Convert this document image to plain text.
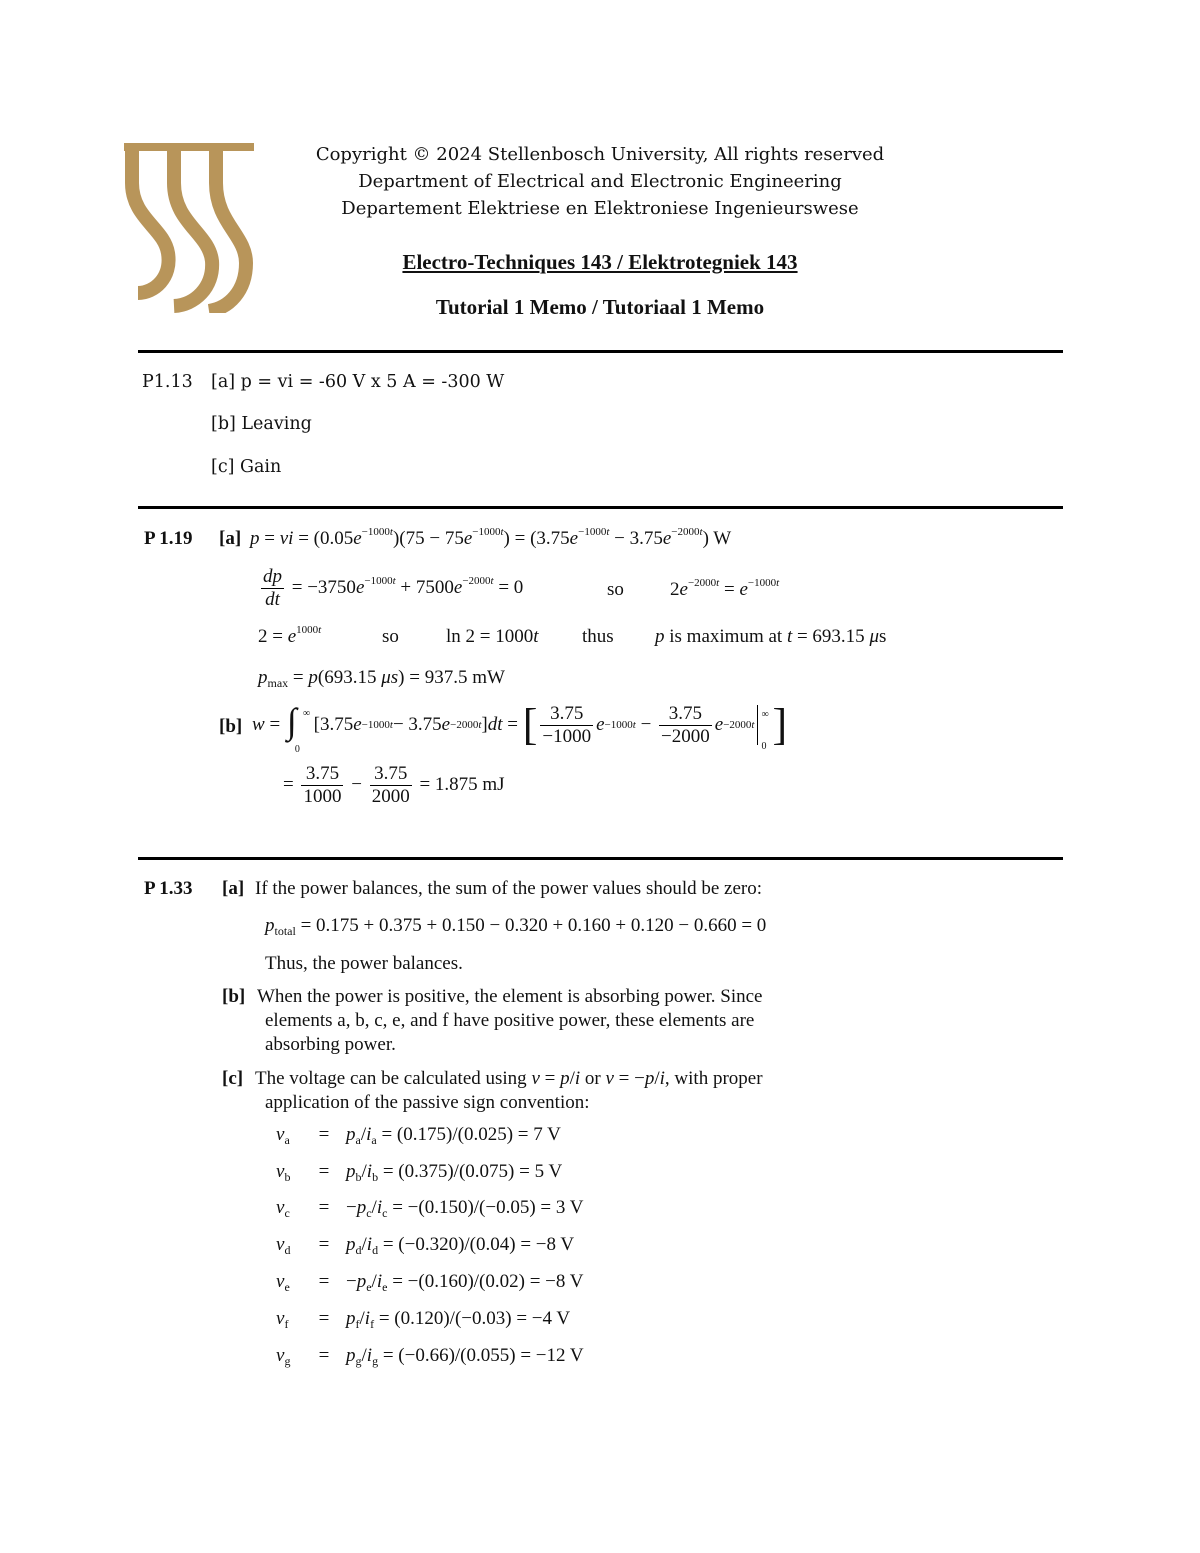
Copyright © 2024 Stellenbosch University, All rights reserved
Department of Electrical and Electronic Engineering
Departement Elektriese en Elektroniese Ingenieurswese
Electro-Techniques 143 / Elektrotegniek 143
Tutorial 1 Memo / Tutoriaal 1 Memo
P1.13 [a] p = vi = -60 V x 5 A = -300 W
[b] Leaving
[c] Gain
P 1.19 [a] p = vi = $(0.05e^{-1000t})(75 - 75e^{-1000t}) = (3.75e^{-1000t} - 3.75e^{-2000t})$ W
$\frac{dp}{dt} = -3750e^{-1000t} + 7500e^{-2000t} = 0$	so $2e^{-2000t} = e^{-1000t}$
$2 = e^{1000t}$	so ln 2 = 1000t thus p is maximum at t = 693.15 μs
$p_{max} = p(693.15$ μs) = 937.5 mW
[b] w = ∫ ∞
0
[3.75 e −1000t − 3.75 e −2000t ] dt = [ $\frac{3.75}{-1000}$ $e -1000t - \frac{3.75}{-2000}$ e −2000t
∞
0 ]
= $\frac{3.75}{1000} - \frac{3.75}{2000}$
= 1.875 mJ
P 1.33 [a] If the power balances, the sum of the power values should be zero:
$p_{total} = 0.175 + 0.375 + 0.150 - 0.320 + 0.160 + 0.120 - 0.660 = 0$
Thus, the power balances.
[b] When the power is positive, the element is absorbing power. Since
elements a, b, c, e, and f have positive power, these elements are
absorbing power.
[c] The voltage can be calculated using v = p/i or v = −p/i, with proper
application of the passive sign convention:
$v_a = p_a/i_a = (0.175)/(0.025) = 7$ V
$v_b = p_b/i_b = (0.375)/(0.075) = 5$ V
$v_c = -p_c/i_c = -(0.150)/(-0.05) = 3$ V
$v_d = p_d/i_d = (-0.320)/(0.04) = -8$ V
$v_e = -p_e/i_e = -(0.160)/(0.02) = -8$ V
$v_f = p_f/i_f = (0.120)/(-0.03) = -4$ V
$v_g = p_g/i_g = (-0.66)/(0.055) = -12$ V
